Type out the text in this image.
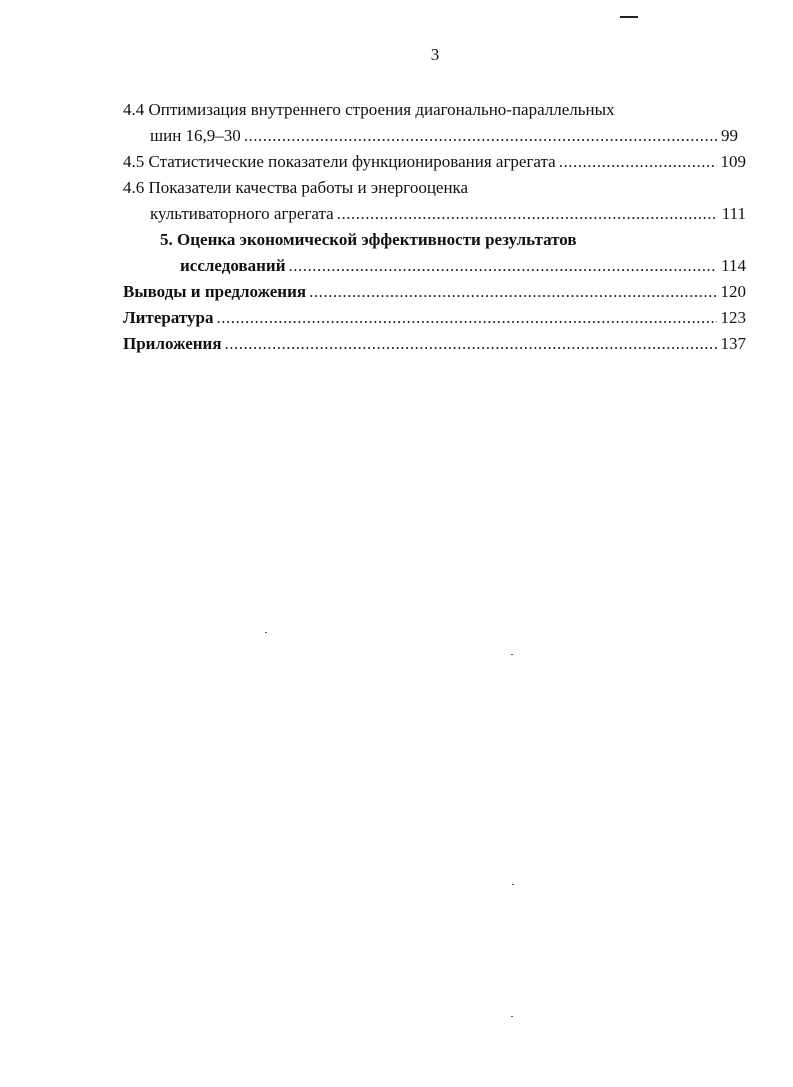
3
4.4 Оптимизация внутреннего строения диагонально-параллельных
шин 16,9–30 .....	99
4.5 Статистические показатели функционирования агрегата .....	109
4.6 Показатели качества работы и энергооценка
культиваторного агрегата .....	111
5. Оценка экономической эффективности результатов
исследований .....	114
Выводы и предложения .....	120
Литература .....	123
Приложения .....	137
